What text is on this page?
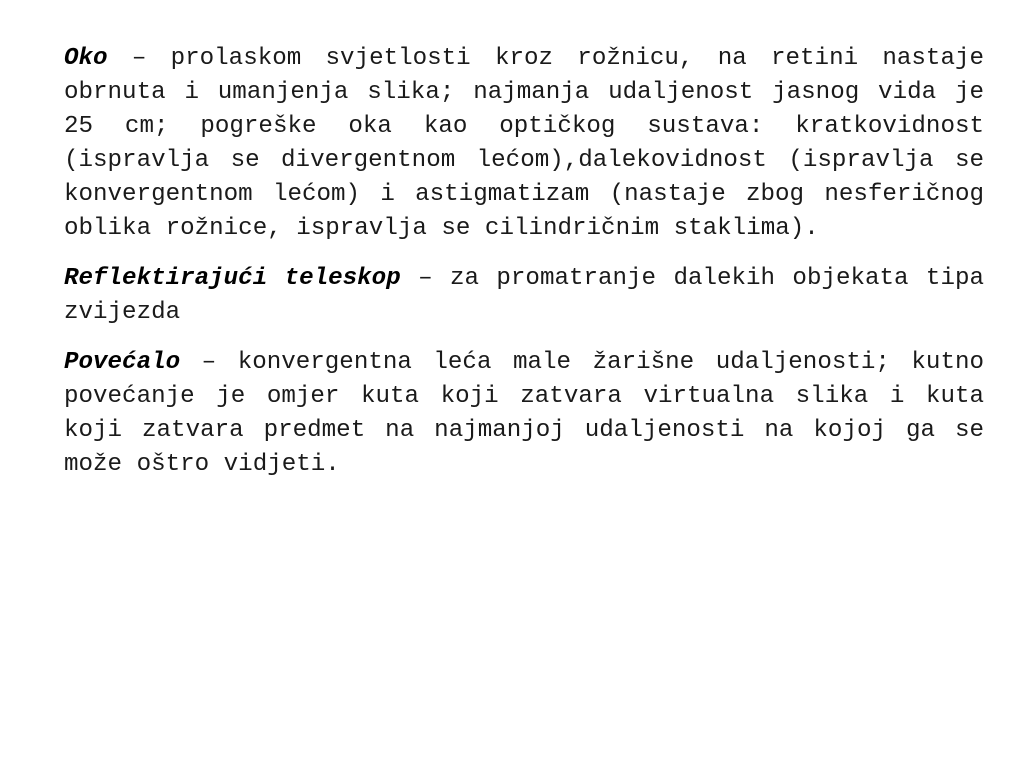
Oko – prolaskom svjetlosti kroz rožnicu, na retini nastaje obrnuta i umanjenja slika; najmanja udaljenost jasnog vida je 25 cm; pogreške oka kao optičkog sustava: kratkovidnost (ispravlja se divergentnom lećom),dalekovidnost (ispravlja se konvergentnom lećom) i astigmatizam (nastaje zbog nesferičnog oblika rožnice, ispravlja se cilindričnim staklima).

Reflektirajući teleskop – za promatranje dalekih objekata tipa zvijezda

Povećalo – konvergentna leća male žarišne udaljenosti; kutno povećanje je omjer kuta koji zatvara virtualna slika i kuta koji zatvara predmet na najmanjoj udaljenosti na kojoj ga se može oštro vidjeti.
